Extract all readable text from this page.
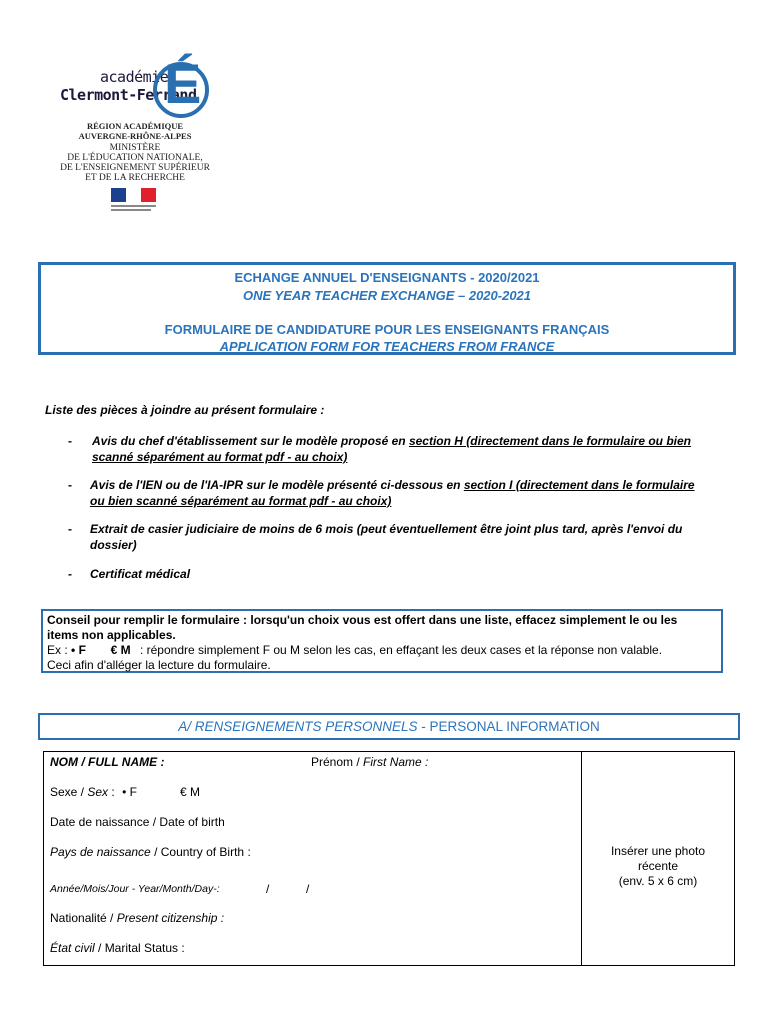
académie
Clermont-Ferrand
É
RÉGION ACADÉMIQUE
AUVERGNE-RHÔNE-ALPES
MINISTÈRE
DE L'ÉDUCATION NATIONALE,
DE L'ENSEIGNEMENT SUPÉRIEUR
ET DE LA RECHERCHE
ECHANGE ANNUEL D'ENSEIGNANTS - 2020/2021
ONE YEAR TEACHER EXCHANGE – 2020-2021
FORMULAIRE DE CANDIDATURE POUR LES ENSEIGNANTS FRANÇAIS
APPLICATION FORM FOR TEACHERS FROM FRANCE
Liste des pièces à joindre au présent formulaire :
- Avis du chef d'établissement sur le modèle proposé en section H (directement dans le formulaire ou bien
scanné séparément au format pdf - au choix)
- Avis de l'IEN ou de l'IA-IPR sur le modèle présenté ci-dessous en section I (directement dans le formulaire
ou bien scanné séparément au format pdf - au choix)
- Extrait de casier judiciaire de moins de 6 mois (peut éventuellement être joint plus tard, après l'envoi du
dossier)
- Certificat médical
Conseil pour remplir le formulaire : lorsqu'un choix vous est offert dans une liste, effacez simplement le ou les
items non applicables.
Ex : • F € M : répondre simplement F ou M selon les cas, en effaçant les deux cases et la réponse non valable.
Ceci afin d'alléger la lecture du formulaire.
A/ RENSEIGNEMENTS PERSONNELS - PERSONAL INFORMATION
NOM / FULL NAME :	Prénom / First Name :
Sexe / Sex : • F	€ M
Date de naissance / Date of birth
Pays de naissance / Country of Birth :
Année/Mois/Jour - Year/Month/Day-:	/	/
Nationalité / Present citizenship :
État civil / Marital Status :
Insérer une photo
récente
(env. 5 x 6 cm)
